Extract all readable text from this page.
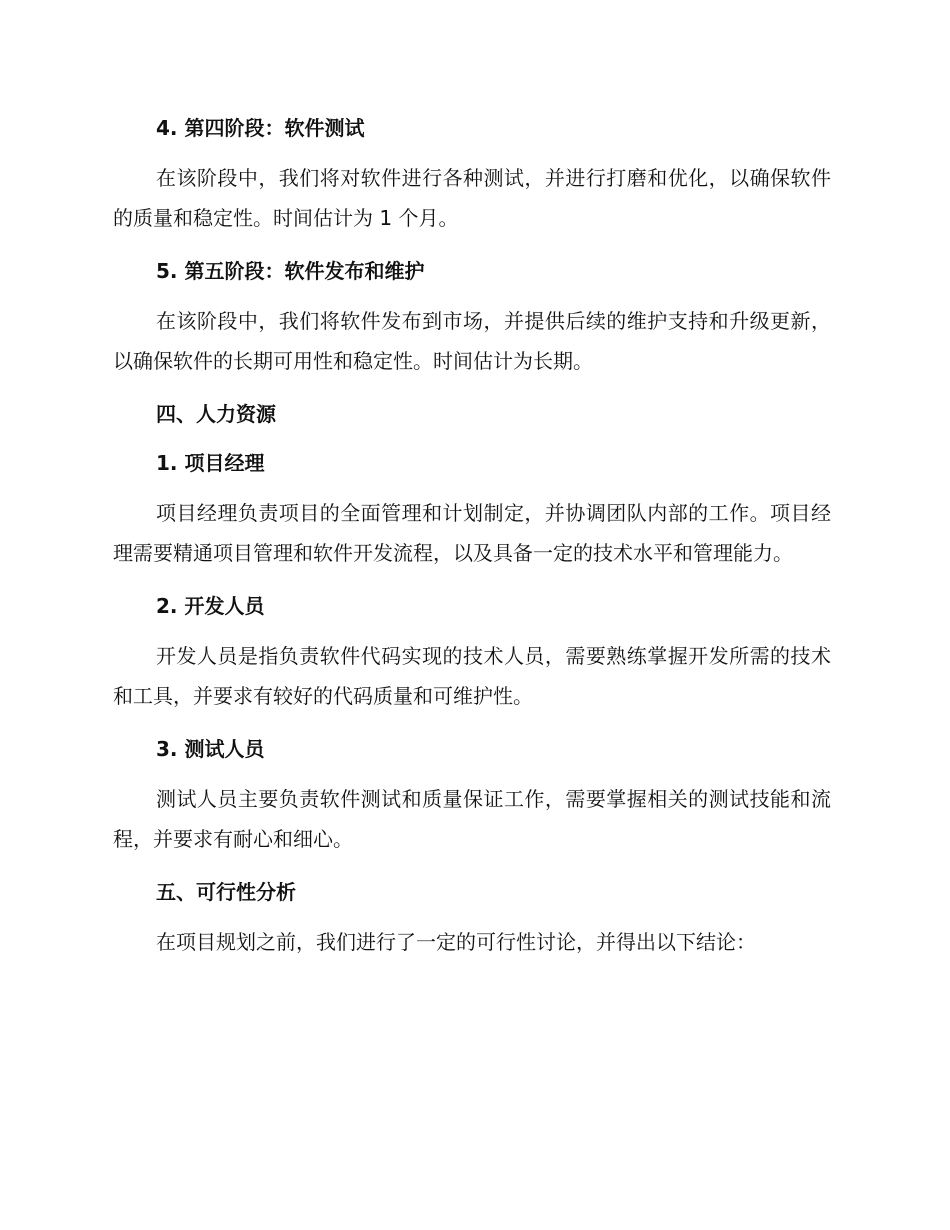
4. 第四阶段：软件测试

在该阶段中，我们将对软件进行各种测试，并进行打磨和优化，以确保软件的质量和稳定性。时间估计为 1 个月。

5. 第五阶段：软件发布和维护

在该阶段中，我们将软件发布到市场，并提供后续的维护支持和升级更新，以确保软件的长期可用性和稳定性。时间估计为长期。

四、人力资源
1. 项目经理

项目经理负责项目的全面管理和计划制定，并协调团队内部的工作。项目经理需要精通项目管理和软件开发流程，以及具备一定的技术水平和管理能力。

2. 开发人员

开发人员是指负责软件代码实现的技术人员，需要熟练掌握开发所需的技术和工具，并要求有较好的代码质量和可维护性。

3. 测试人员

测试人员主要负责软件测试和质量保证工作，需要掌握相关的测试技能和流程，并要求有耐心和细心。

五、可行性分析

在项目规划之前，我们进行了一定的可行性讨论，并得出以下结论：
